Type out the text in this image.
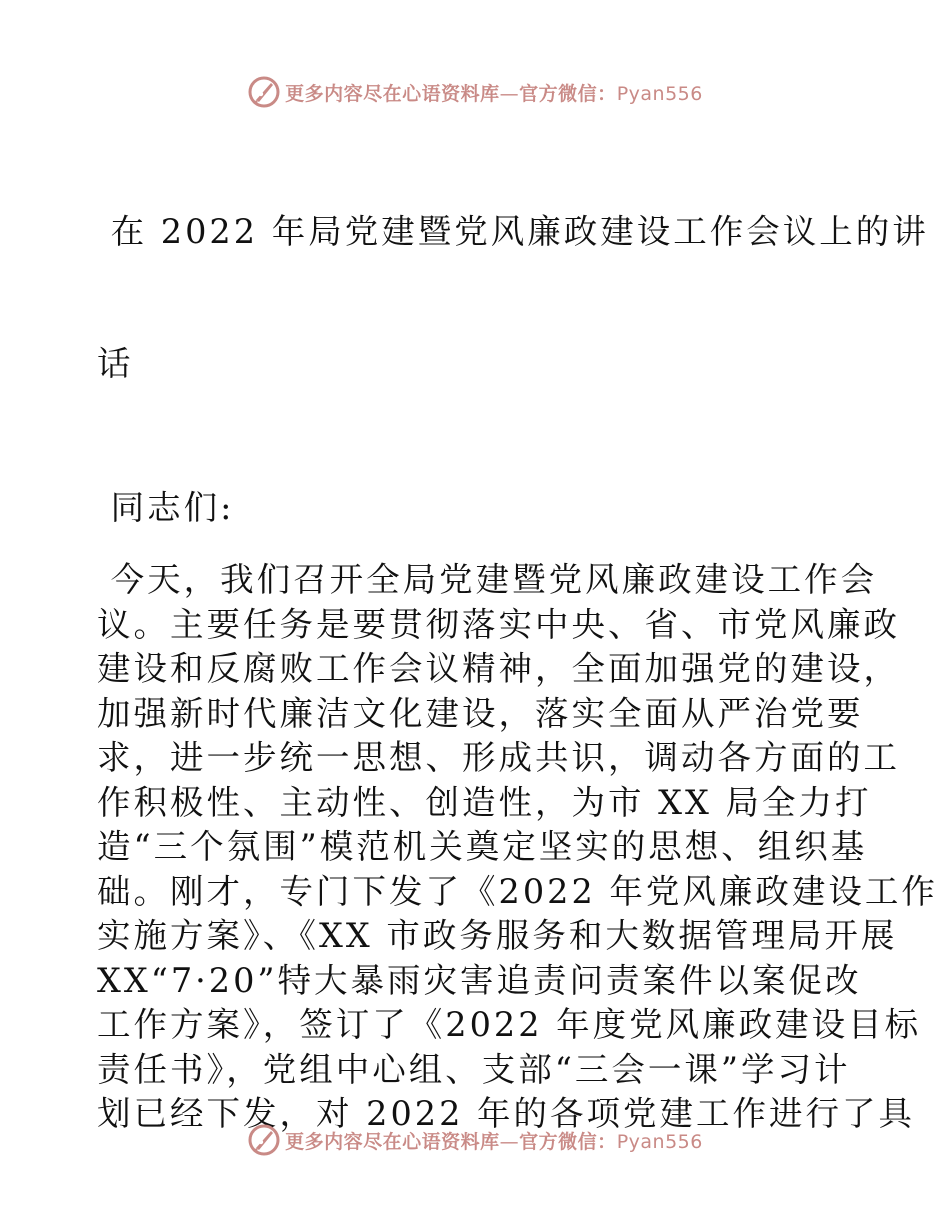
更多内容尽在心语资料库—官方微信：Pyan556

在 2022 年局党建暨党风廉政建设工作会议上的讲

话

同志们:

今天，我们召开全局党建暨党风廉政建设工作会
议。主要任务是要贯彻落实中央、省、市党风廉政
建设和反腐败工作会议精神，全面加强党的建设，
加强新时代廉洁文化建设，落实全面从严治党要
求，进一步统一思想、形成共识，调动各方面的工
作积极性、主动性、创造性，为市 XX 局全力打
造“三个氛围”模范机关奠定坚实的思想、组织基
础。刚才，专门下发了《2022 年党风廉政建设工作
实施方案》、《XX 市政务服务和大数据管理局开展
XX“7·20”特大暴雨灾害追责问责案件以案促改
工作方案》，签订了《2022 年度党风廉政建设目标
责任书》，党组中心组、支部“三会一课”学习计
划已经下发，对 2022 年的各项党建工作进行了具
更多内容尽在心语资料库—官方微信：Pyan556
